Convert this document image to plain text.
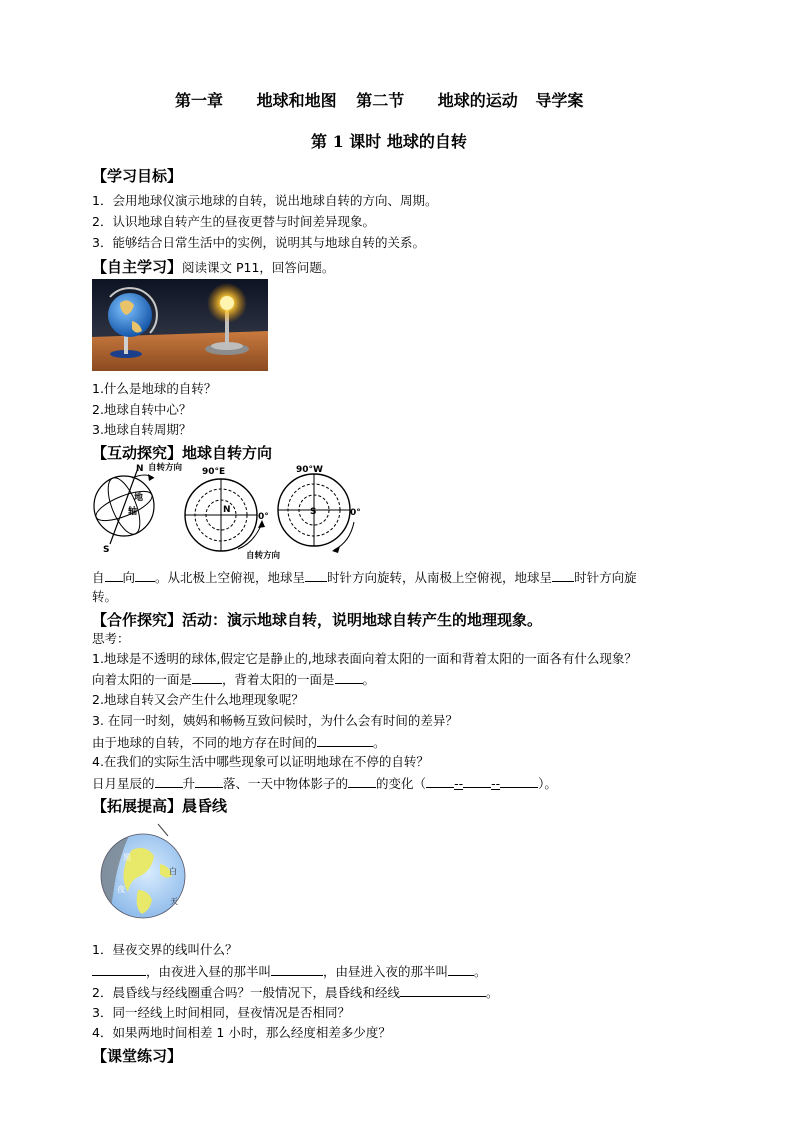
第一章 地球和地图 第二节 地球的运动 导学案
第 1 课时 地球的自转
【学习目标】
1．会用地球仪演示地球的自转，说出地球自转的方向、周期。
2．认识地球自转产生的昼夜更替与时间差异现象。
3．能够结合日常生活中的实例，说明其与地球自转的关系。
【自主学习】阅读课文 P11，回答问题。
1.什么是地球的自转？
2.地球自转中心？
3.地球自转周期？
【互动探究】地球自转方向
N
S
自转方向
地
轴
90°E
N
0°
自转方向
90°W
S	0°
自 向 。从北极上空俯视，地球呈 时针方向旋转，从南极上空俯视，地球呈 时针方向旋
转。
【合作探究】活动：演示地球自转，说明地球自转产生的地理现象。
思考：
1.地球是不透明的球体,假定它是静止的,地球表面向着太阳的一面和背着太阳的一面各有什么现象？
向着太阳的一面是 ，背着太阳的一面是 。
2.地球自转又会产生什么地理现象呢？
3. 在同一时刻，姨妈和畅畅互致问候时，为什么会有时间的差异？
由于地球的自转，不同的地方存在时间的	。
4.在我们的实际生活中哪些现象可以证明地球在不停的自转？
日月星辰的 升 落、一天中物体影子的 的变化（ -- --	）。
【拓展提高】晨昏线
黑
夜
白
天
1．昼夜交界的线叫什么？
，由夜进入昼的那半叫	，由昼进入夜的那半叫 。
2．晨昏线与经线圈重合吗？一般情况下，晨昏线和经线	。
3．同一经线上时间相同，昼夜情况是否相同？
4．如果两地时间相差 1 小时，那么经度相差多少度？
【课堂练习】
